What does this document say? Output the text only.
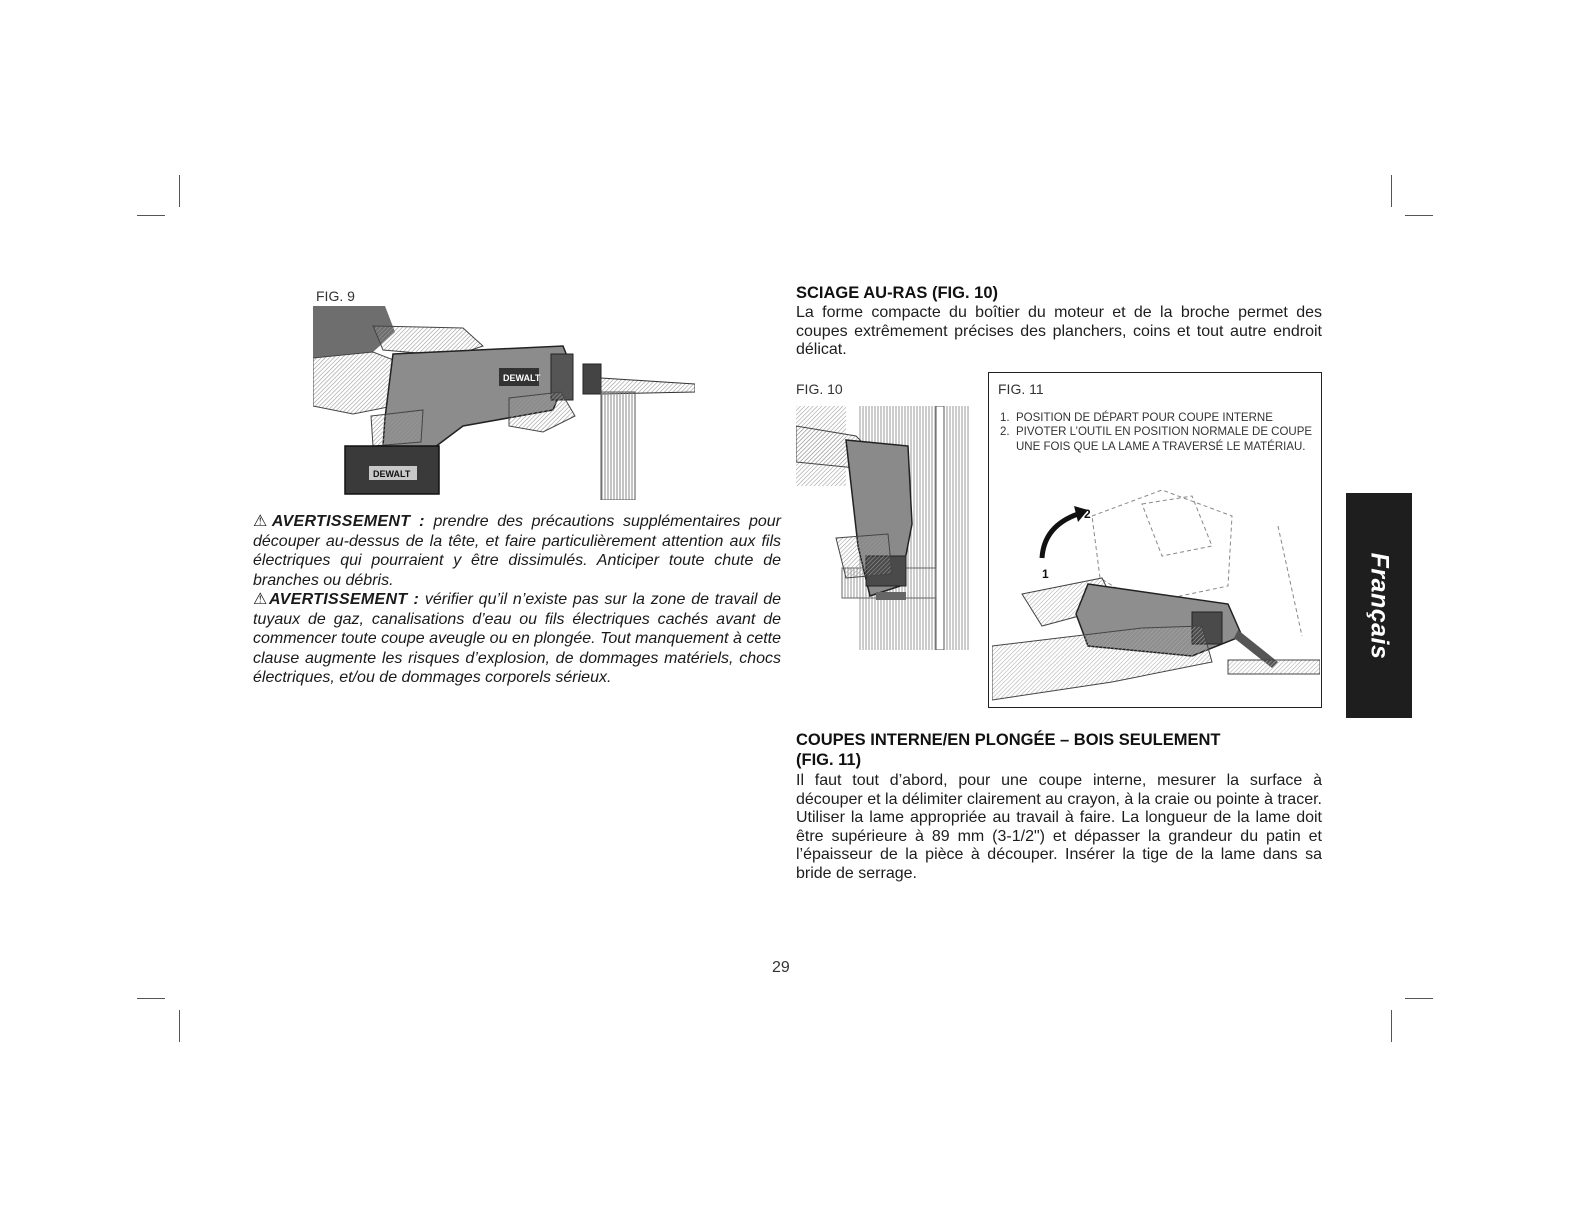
FIG. 9
DEWALT
DEWALT
⚠AVERTISSEMENT : prendre des précautions supplémentaires pour découper au-dessus de la tête, et faire particulièrement attention aux fils électriques qui pourraient y être dissimulés. Anticiper toute chute de branches ou débris.
⚠AVERTISSEMENT : vérifier qu’il n’existe pas sur la zone de travail de tuyaux de gaz, canalisations d’eau ou fils électriques cachés avant de commencer toute coupe aveugle ou en plongée. Tout manquement à cette clause augmente les risques d’explosion, de dommages matériels, chocs électriques, et/ou de dommages corporels sérieux.
SCIAGE AU-RAS (FIG. 10)
La forme compacte du boîtier du moteur et de la broche permet des coupes extrêmement précises des planchers, coins et tout autre endroit délicat.
FIG. 10	FIG. 11
1. POSITION DE DÉPART POUR COUPE INTERNE
2. PIVOTER L’OUTIL EN POSITION NORMALE DE COUPE UNE FOIS QUE LA LAME A TRAVERSÉ LE MATÉRIAU.
2
1
COUPES INTERNE/EN PLONGÉE – BOIS SEULEMENT
(FIG. 11)
Il faut tout d’abord, pour une coupe interne, mesurer la surface à découper et la délimiter clairement au crayon, à la craie ou pointe à tracer. Utiliser la lame appropriée au travail à faire. La longueur de la lame doit être supérieure à 89 mm (3-1/2") et dépasser la grandeur du patin et l’épaisseur de la pièce à découper. Insérer la tige de la lame dans sa bride de serrage.
Français
29
